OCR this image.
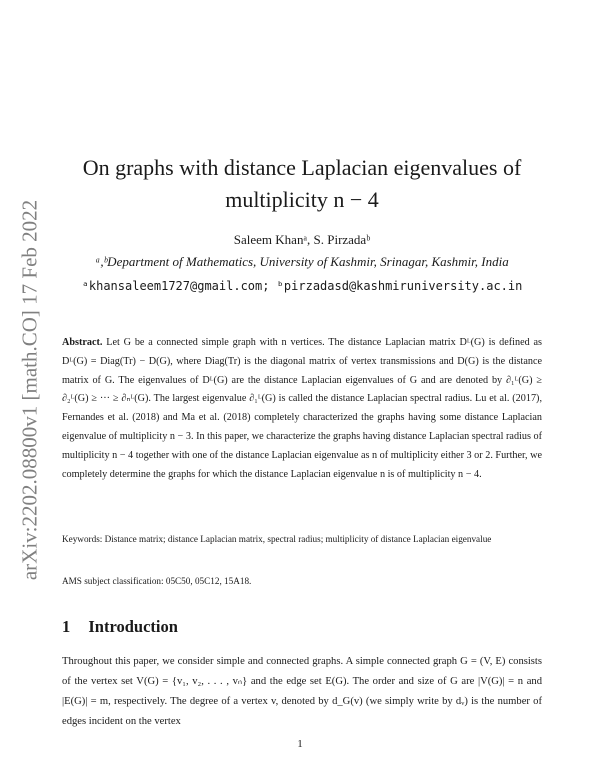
arXiv:2202.08800v1 [math.CO] 17 Feb 2022
On graphs with distance Laplacian eigenvalues of
multiplicity n − 4
Saleem Khanᵃ, S. Pirzadaᵇ
ᵃ,ᵇDepartment of Mathematics, University of Kashmir, Srinagar, Kashmir, India
ᵃkhansaleem1727@gmail.com; ᵇpirzadasd@kashmiruniversity.ac.in
Abstract. Let G be a connected simple graph with n vertices. The distance Laplacian matrix Dᴸ(G) is defined as Dᴸ(G) = Diag(Tr) − D(G), where Diag(Tr) is the diagonal matrix of vertex transmissions and D(G) is the distance matrix of G. The eigenvalues of Dᴸ(G) are the distance Laplacian eigenvalues of G and are denoted by ∂₁ᴸ(G) ≥ ∂₂ᴸ(G) ≥ ··· ≥ ∂ₙᴸ(G). The largest eigenvalue ∂₁ᴸ(G) is called the distance Laplacian spectral radius. Lu et al. (2017), Fernandes et al. (2018) and Ma et al. (2018) completely characterized the graphs having some distance Laplacian eigenvalue of multiplicity n − 3. In this paper, we characterize the graphs having distance Laplacian spectral radius of multiplicity n − 4 together with one of the distance Laplacian eigenvalue as n of multiplicity either 3 or 2. Further, we completely determine the graphs for which the distance Laplacian eigenvalue n is of multiplicity n − 4.
Keywords: Distance matrix; distance Laplacian matrix, spectral radius; multiplicity of distance Laplacian eigenvalue
AMS subject classification: 05C50, 05C12, 15A18.
1 Introduction
Throughout this paper, we consider simple and connected graphs. A simple connected graph G = (V, E) consists of the vertex set V(G) = {v₁, v₂, . . . , vₙ} and the edge set E(G). The order and size of G are |V(G)| = n and |E(G)| = m, respectively. The degree of a vertex v, denoted by d_G(v) (we simply write by dᵥ) is the number of edges incident on the vertex
1
